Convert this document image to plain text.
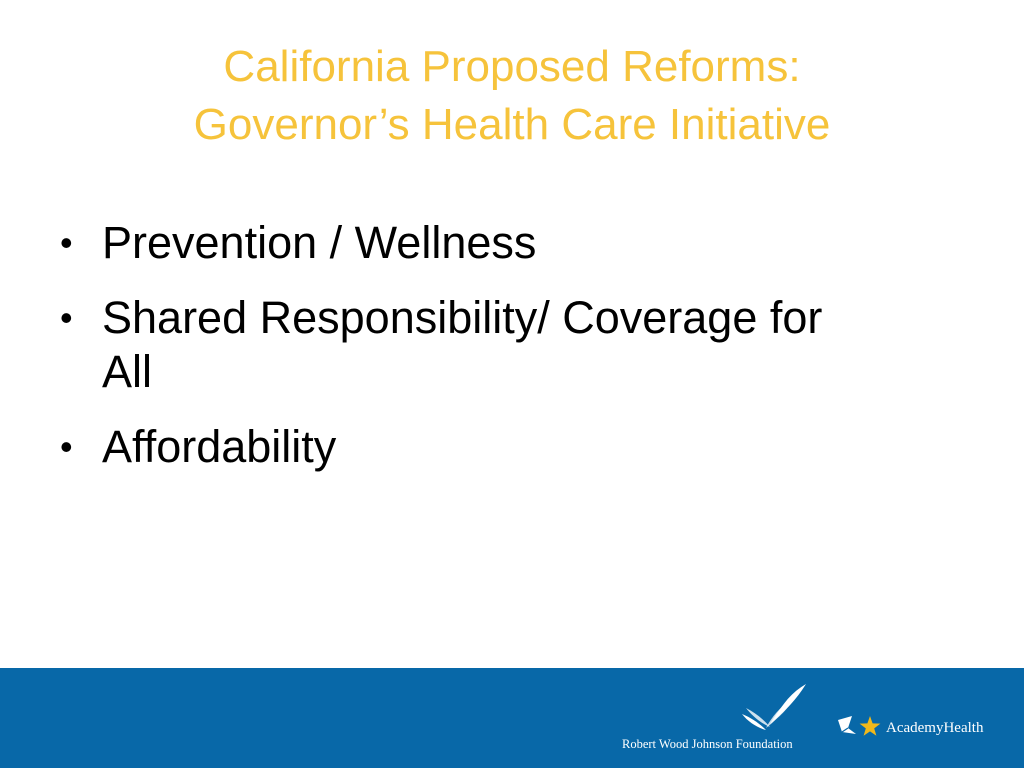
California Proposed Reforms:
Governor’s Health Care Initiative
• Prevention / Wellness
• Shared Responsibility/ Coverage for
All
• Affordability
Robert Wood Johnson Foundation
AcademyHealth
